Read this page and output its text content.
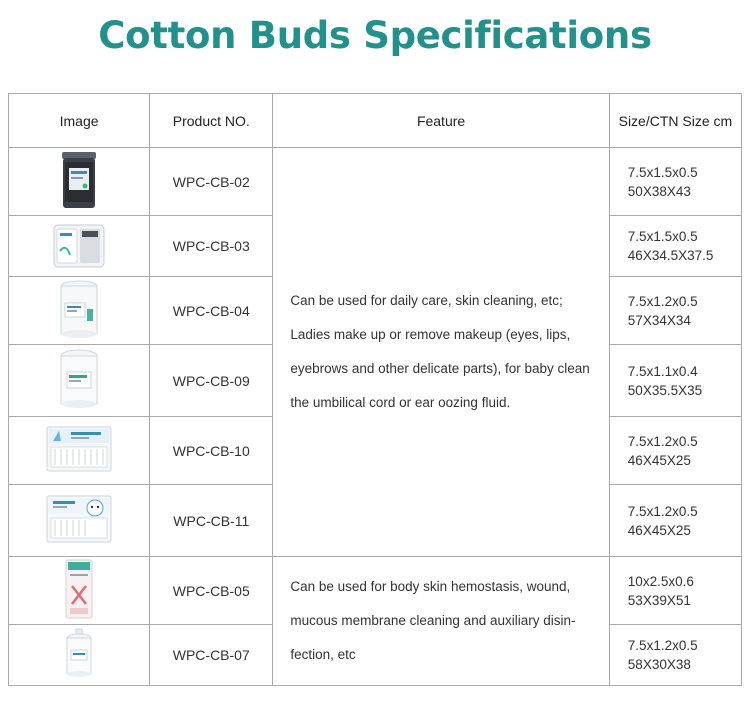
Cotton Buds Specifications
Image	Product NO.	Feature	Size/CTN Size cm

	WPC-CB-02	Can be used for daily care, skin cleaning, etc; Ladies make up or remove makeup (eyes, lips, eyebrows and other delicate parts), for baby clean the umbilical cord or ear oozing fluid.	7.5x1.5x0.5
50X38X43

	WPC-CB-03		7.5x1.5x0.5
46X34.5X37.5

	WPC-CB-04		7.5x1.2x0.5
57X34X34

	WPC-CB-09		7.5x1.1x0.4
50X35.5X35

	WPC-CB-10		7.5x1.2x0.5
46X45X25

	WPC-CB-11		7.5x1.2x0.5
46X45X25

	WPC-CB-05	Can be used for body skin hemostasis, wound, mucous membrane cleaning and auxiliary disin-fection, etc	10x2.5x0.6
53X39X51

	WPC-CB-07		7.5x1.2x0.5
58X30X38
